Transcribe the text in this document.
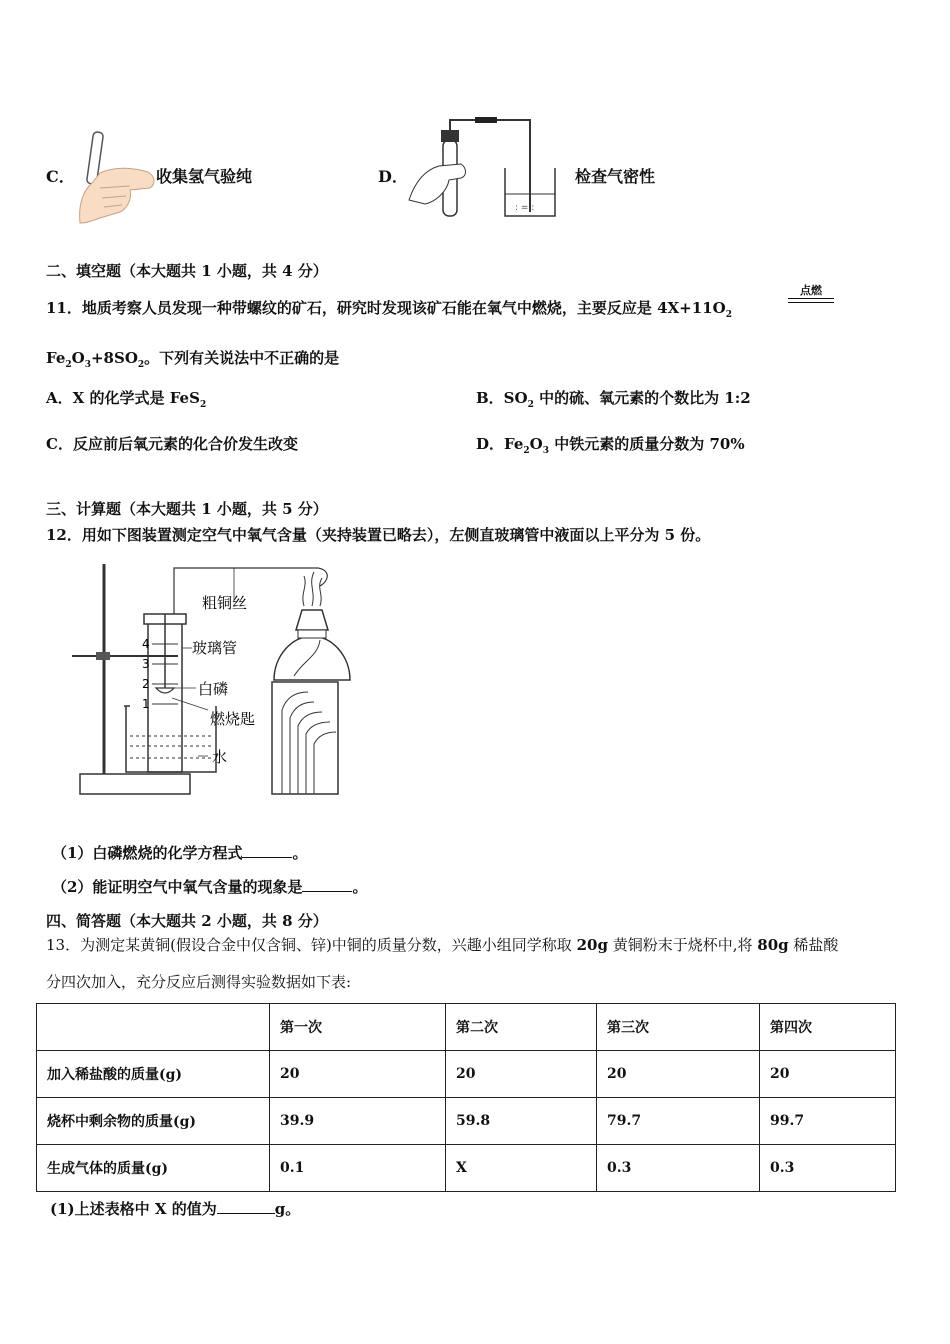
C．	收集氢气验纯	D．
: = :
检查气密性
二、填空题（本大题共 1 小题，共 4 分）
11．地质考察人员发现一种带螺纹的矿石，研究时发现该矿石能在氧气中燃烧，主要反应是 $4X+11O_2$
点燃
$Fe_2O_3+8SO_2$。下列有关说法中不正确的是
A．X 的化学式是 FeS$_2$	B．$SO_2$ 中的硫、氧元素的个数比为 1:2
C．反应前后氧元素的化合价发生改变	D．$Fe_2O_3$ 中铁元素的质量分数为 70%
三、计算题（本大题共 1 小题，共 5 分）
12．用如下图装置测定空气中氧气含量（夹持装置已略去），左侧直玻璃管中液面以上平分为 5 份。
4
3
2
1
粗铜丝
玻璃管
白磷
燃烧匙
水
（1）白磷燃烧的化学方程式	。
（2）能证明空气中氧气含量的现象是	。
四、简答题（本大题共 2 小题，共 8 分）
13．为测定某黄铜(假设合金中仅含铜、锌)中铜的质量分数，兴趣小组同学称取 20g 黄铜粉末于烧杯中,将 80g 稀盐酸
分四次加入，充分反应后测得实验数据如下表:
	第一次	第二次	第三次	第四次
加入稀盐酸的质量(g)	20	20	20	20
烧杯中剩余物的质量(g)	39.9	59.8	79.7	99.7
生成气体的质量(g)	0.1	X	0.3	0.3
(1)上述表格中 X 的值为	g。
